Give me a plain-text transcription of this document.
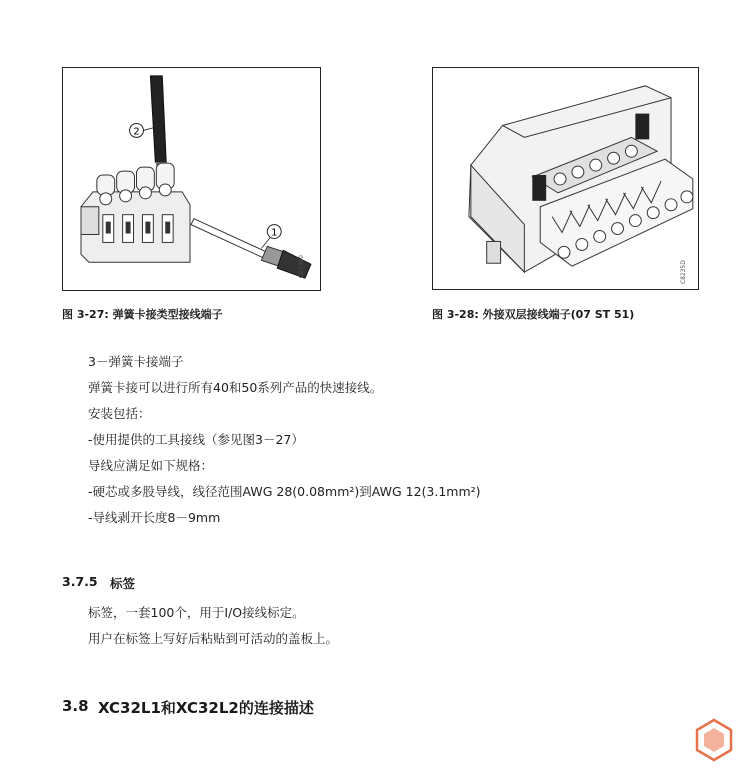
2
1
C07300	C8235D
图 3-27: 弹簧卡接类型接线端子	图 3-28: 外接双层接线端子(07 ST 51)
3－弹簧卡接端子
弹簧卡接可以进行所有40和50系列产品的快速接线。
安装包括：
-使用提供的工具接线（参见图3－27）
导线应满足如下规格：
-硬芯或多股导线，线径范围AWG 28(0.08mm²)到AWG 12(3.1mm²)
-导线剥开长度8－9mm
3.7.5 标签
标签，一套100个，用于I/O接线标定。
用户在标签上写好后粘贴到可活动的盖板上。
3.8 XC32L1和XC32L2的连接描述
